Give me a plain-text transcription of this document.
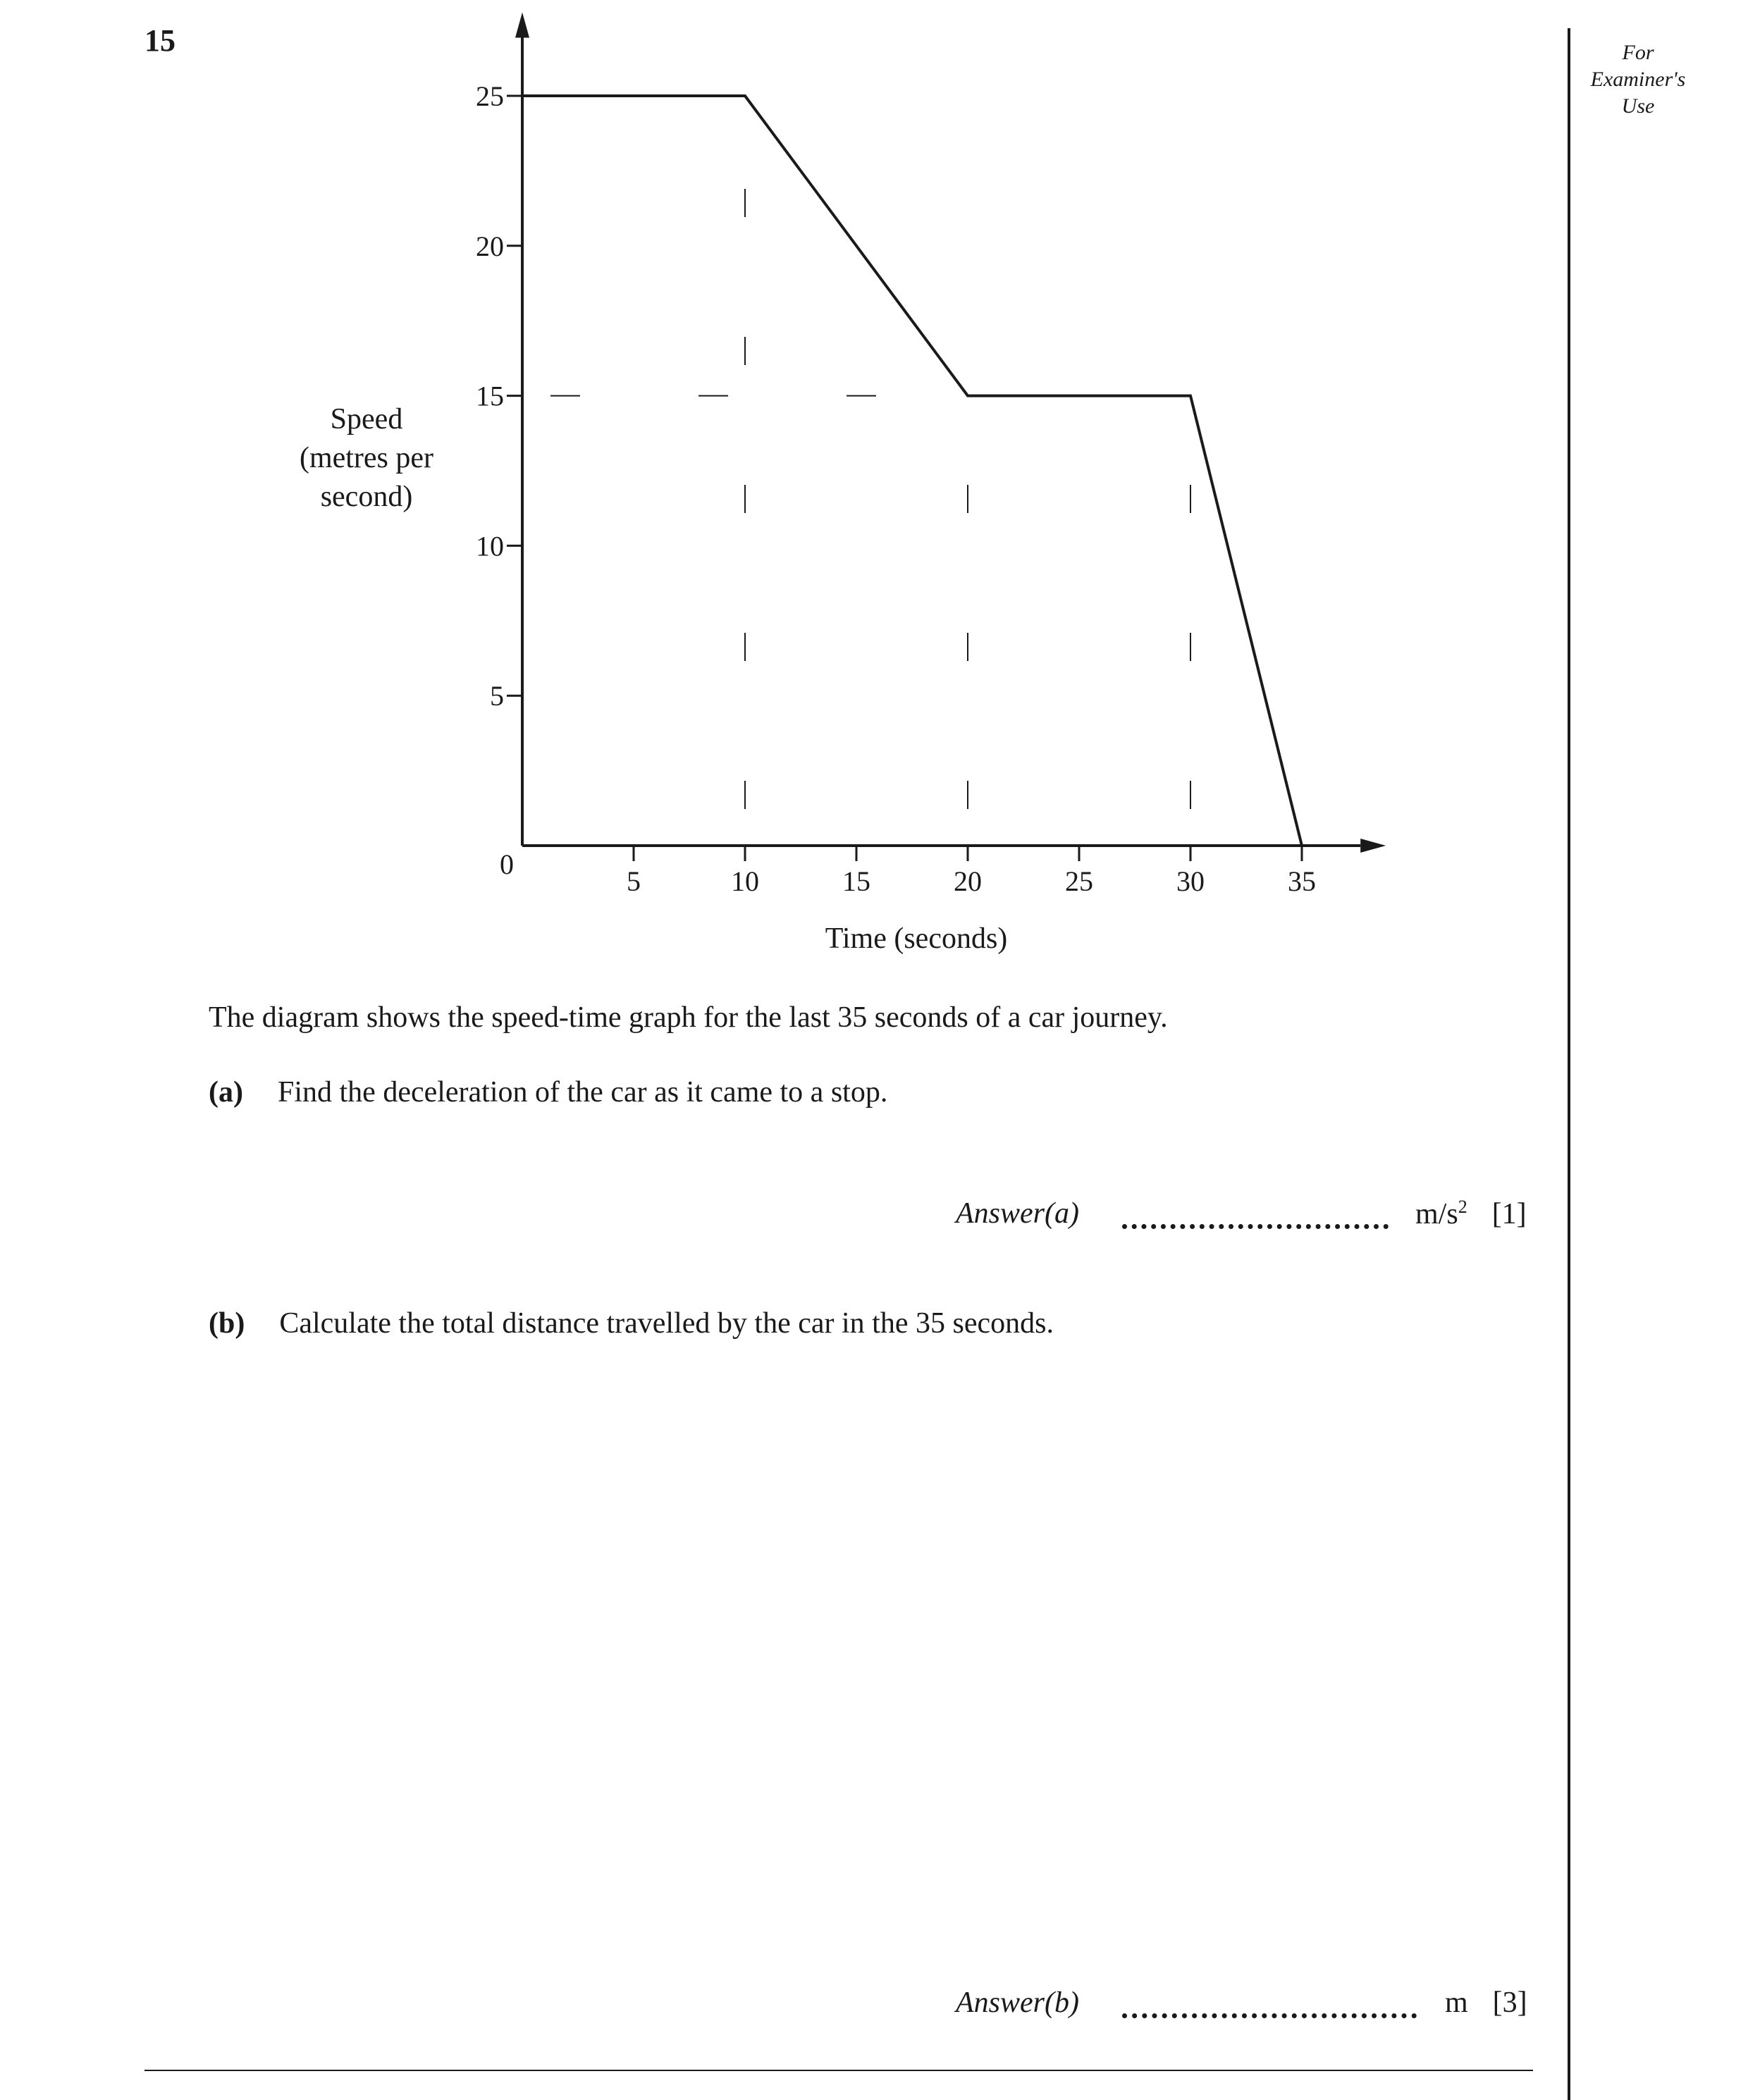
15	For
Examiner's
Use
5
10
15
20
25
5	10	15	20	25	30	35
0
Speed
(metres per
second)
Time (seconds)
The diagram shows the speed-time graph for the last 35 seconds of a car journey.
(a) Find the deceleration of the car as it came to a stop.
Answer(a)	$m/s^2$ [1]
(b) Calculate the total distance travelled by the car in the 35 seconds.
Answer(b)	m [3]
